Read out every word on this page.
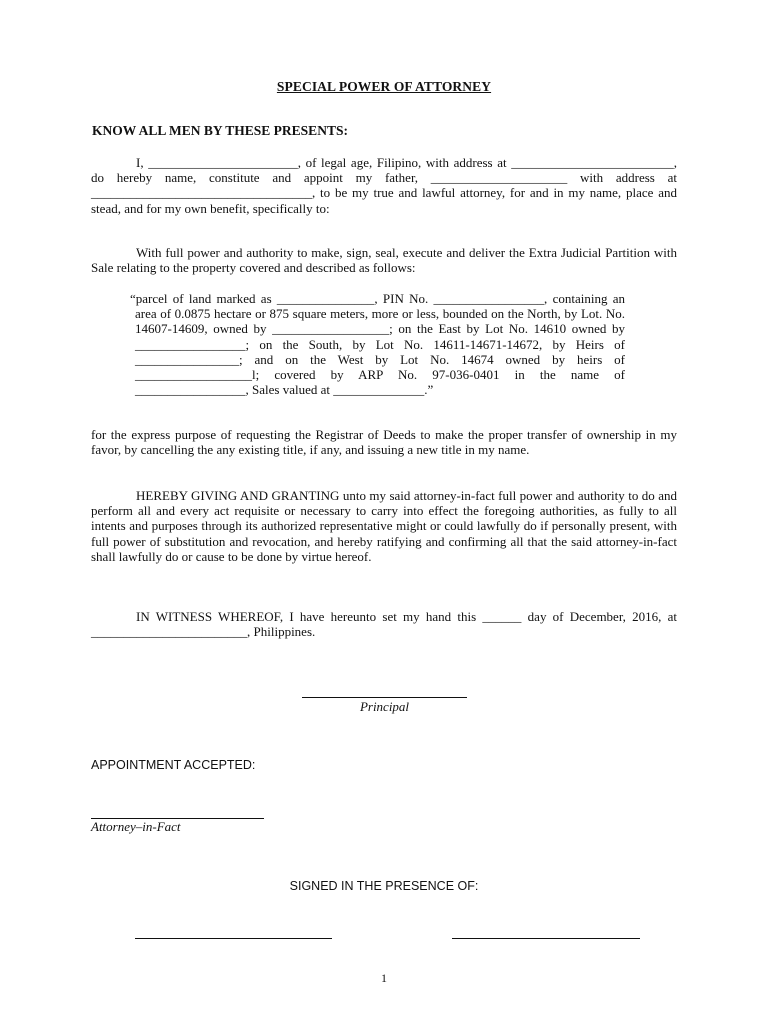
SPECIAL POWER OF ATTORNEY
KNOW ALL MEN BY THESE PRESENTS:

I, _______________________, of legal age, Filipino, with address at _________________________, do hereby name, constitute and appoint my father, _____________________ with address at __________________________________, to be my true and lawful attorney, for and in my name, place and stead, and for my own benefit, specifically to:

With full power and authority to make, sign, seal, execute and deliver the Extra Judicial Partition with Sale relating to the property covered and described as follows:

“parcel of land marked as _______________, PIN No. _________________, containing an area of 0.0875 hectare or 875 square meters, more or less, bounded on the North, by Lot. No. 14607-14609, owned by __________________; on the East by Lot No. 14610 owned by _________________; on the South, by Lot No. 14611-14671-14672, by Heirs of ________________; and on the West by Lot No. 14674 owned by heirs of __________________l; covered by ARP No. 97-036-0401 in the name of _________________, Sales valued at ______________.”

for the express purpose of requesting the Registrar of Deeds to make the proper transfer of ownership in my favor, by cancelling the any existing title, if any, and issuing a new title in my name.

HEREBY GIVING AND GRANTING unto my said attorney-in-fact full power and authority to do and perform all and every act requisite or necessary to carry into effect the foregoing authorities, as fully to all intents and purposes through its authorized representative might or could lawfully do if personally present, with full power of substitution and revocation, and hereby ratifying and confirming all that the said attorney-in-fact shall lawfully do or cause to be done by virtue hereof.

IN WITNESS WHEREOF, I have hereunto set my hand this ______ day of December, 2016, at ________________________, Philippines.

Principal
APPOINTMENT ACCEPTED:
Attorney–in-Fact
SIGNED IN THE PRESENCE OF:
1
